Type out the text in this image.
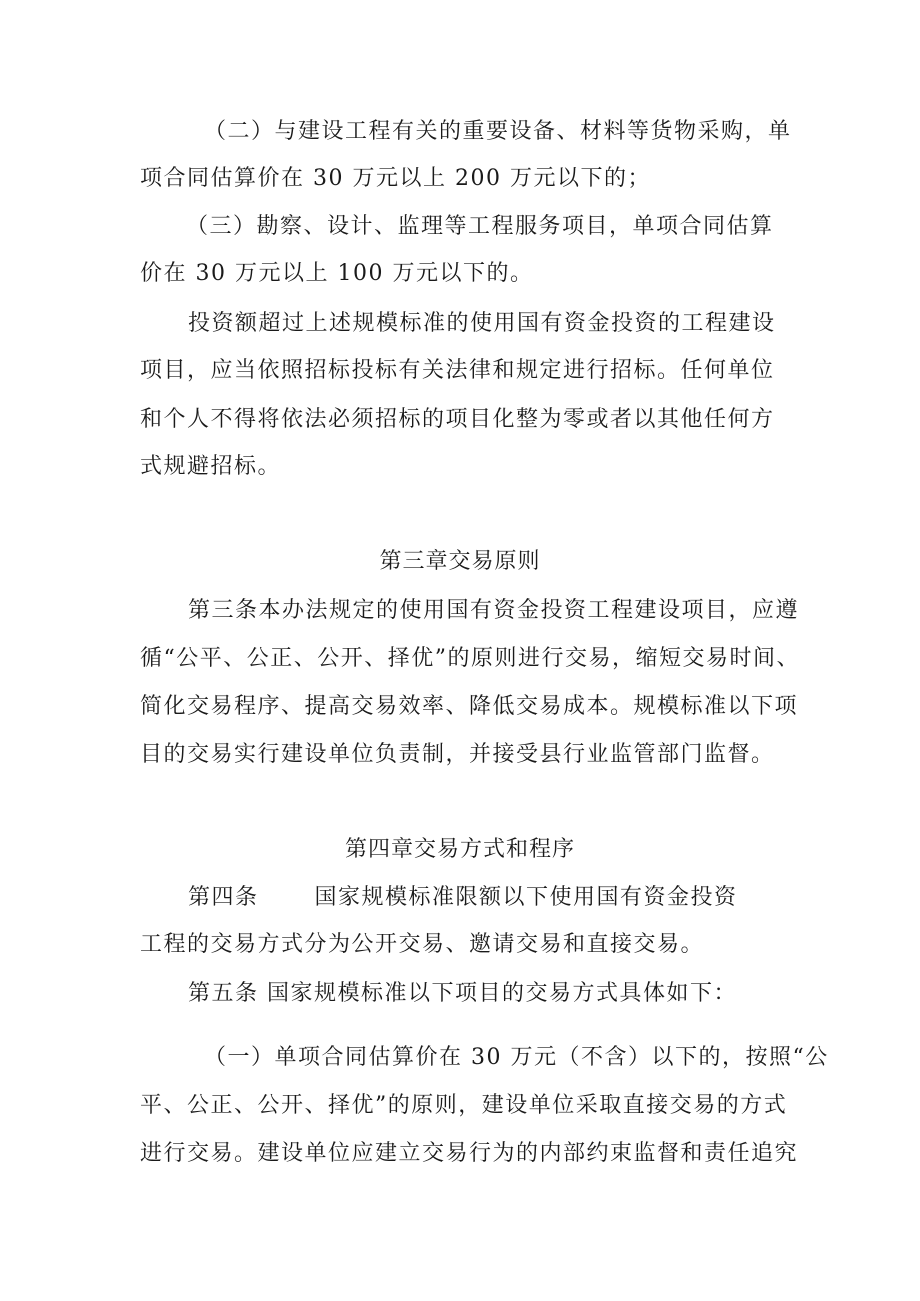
（二）与建设工程有关的重要设备、材料等货物采购，单
项合同估算价在 30 万元以上 200 万元以下的；
（三）勘察、设计、监理等工程服务项目，单项合同估算
价在 30 万元以上 100 万元以下的。
投资额超过上述规模标准的使用国有资金投资的工程建设
项目，应当依照招标投标有关法律和规定进行招标。任何单位
和个人不得将依法必须招标的项目化整为零或者以其他任何方
式规避招标。
第三章交易原则
第三条本办法规定的使用国有资金投资工程建设项目，应遵
循“公平、公正、公开、择优”的原则进行交易，缩短交易时间、
简化交易程序、提高交易效率、降低交易成本。规模标准以下项
目的交易实行建设单位负责制，并接受县行业监管部门监督。
第四章交易方式和程序
第四条	国家规模标准限额以下使用国有资金投资
工程的交易方式分为公开交易、邀请交易和直接交易。
第五条 国家规模标准以下项目的交易方式具体如下：
（一）单项合同估算价在 30 万元（不含）以下的，按照“公
平、公正、公开、择优”的原则，建设单位采取直接交易的方式
进行交易。建设单位应建立交易行为的内部约束监督和责任追究
